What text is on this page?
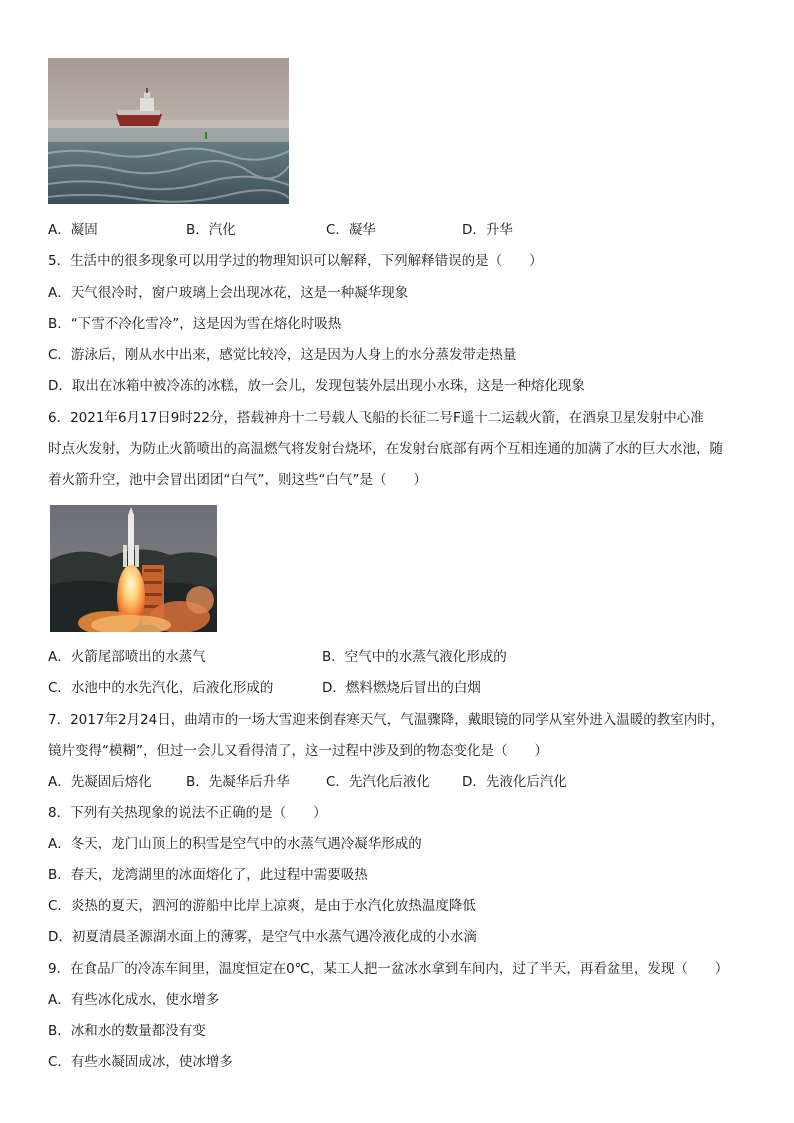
A．凝固	B．汽化	C．凝华	D．升华
5．生活中的很多现象可以用学过的物理知识可以解释，下列解释错误的是（　　）
A．天气很冷时，窗户玻璃上会出现冰花，这是一种凝华现象
B．“下雪不冷化雪冷”，这是因为雪在熔化时吸热
C．游泳后，刚从水中出来，感觉比较冷，这是因为人身上的水分蒸发带走热量
D．取出在冰箱中被冷冻的冰糕，放一会儿，发现包装外层出现小水珠，这是一种熔化现象
6．2021年6月17日9时22分，搭载神舟十二号载人飞船的长征二号F遥十二运载火箭，在酒泉卫星发射中心准
时点火发射，为防止火箭喷出的高温燃气将发射台烧坏，在发射台底部有两个互相连通的加满了水的巨大水池，随
着火箭升空，池中会冒出团团“白气”，则这些“白气”是（　　）
A．火箭尾部喷出的水蒸气	B．空气中的水蒸气液化形成的
C．水池中的水先汽化，后液化形成的	D．燃料燃烧后冒出的白烟
7．2017年2月24日，曲靖市的一场大雪迎来倒春寒天气，气温骤降，戴眼镜的同学从室外进入温暖的教室内时，
镜片变得“模糊”，但过一会儿又看得清了，这一过程中涉及到的物态变化是（　　）
A．先凝固后熔化	B．先凝华后升华	C．先汽化后液化 D．先液化后汽化
8．下列有关热现象的说法不正确的是（　　）
A．冬天，龙门山顶上的积雪是空气中的水蒸气遇冷凝华形成的
B．春天，龙湾湖里的冰面熔化了，此过程中需要吸热
C．炎热的夏天，泗河的游船中比岸上凉爽，是由于水汽化放热温度降低
D．初夏清晨圣源湖水面上的薄雾，是空气中水蒸气遇冷液化成的小水滴
9．在食品厂的冷冻车间里，温度恒定在0℃，某工人把一盆冰水拿到车间内，过了半天，再看盆里，发现（　　）
A．有些冰化成水，使水增多
B．冰和水的数量都没有变
C．有些水凝固成冰，使冰增多
